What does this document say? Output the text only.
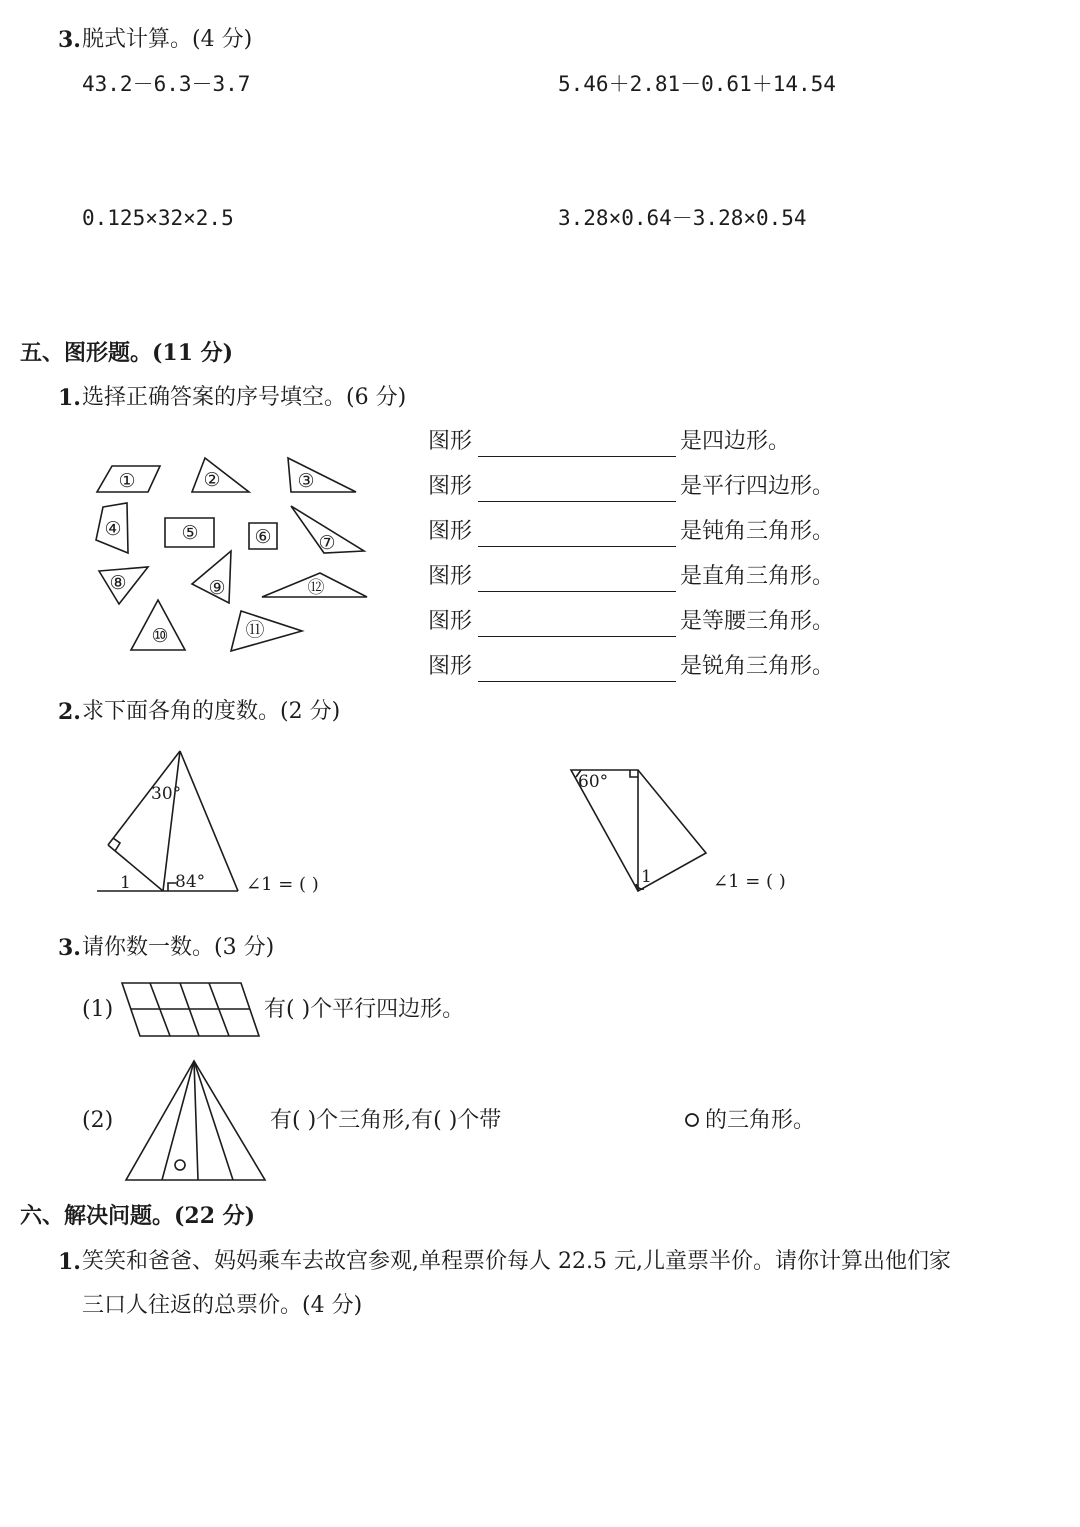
3. 脱式计算。(4 分)
43.2－6.3－3.7	5.46＋2.81－0.61＋14.54
0.125×32×2.5	3.28×0.64－3.28×0.54
五、图形题。(11 分)
1. 选择正确答案的序号填空。(6 分)
①	②	③
④	⑤	⑥ ⑦
⑧	⑨
⑩	⑪
⑫
图形	是四边形。
图形	是平行四边形。
图形	是钝角三角形。
图形	是直角三角形。
图形	是等腰三角形。
图形	是锐角三角形。
2. 求下面各角的度数。(2 分)
30°
84°
1
60°
1
∠1 = ( )	∠1 = ( )
3. 请你数一数。(3 分)
(1)	有( )个平行四边形。
(2)	有( )个三角形,有( )个带	的三角形。
六、解决问题。(22 分)
1. 笑笑和爸爸、妈妈乘车去故宫参观,单程票价每人 22.5 元,儿童票半价。请你计算出他们家
三口人往返的总票价。(4 分)
